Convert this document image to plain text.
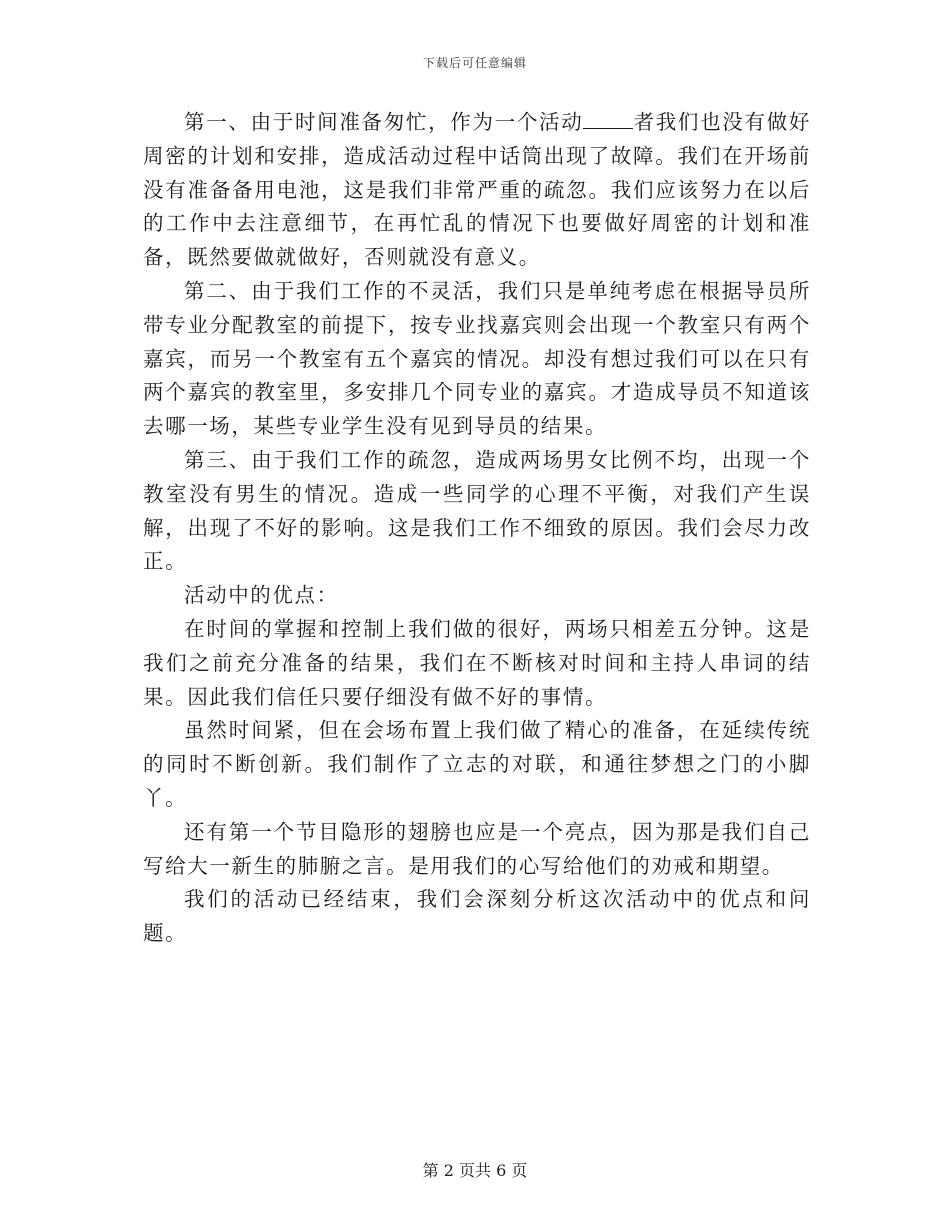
下载后可任意编辑

第一、由于时间准备匆忙，作为一个活动 者我们也没有做好周密的计划和安排，造成活动过程中话筒出现了故障。我们在开场前没有准备备用电池，这是我们非常严重的疏忽。我们应该努力在以后的工作中去注意细节，在再忙乱的情况下也要做好周密的计划和准备，既然要做就做好，否则就没有意义。

第二、由于我们工作的不灵活，我们只是单纯考虑在根据导员所带专业分配教室的前提下，按专业找嘉宾则会出现一个教室只有两个嘉宾，而另一个教室有五个嘉宾的情况。却没有想过我们可以在只有两个嘉宾的教室里，多安排几个同专业的嘉宾。才造成导员不知道该去哪一场，某些专业学生没有见到导员的结果。

第三、由于我们工作的疏忽，造成两场男女比例不均，出现一个教室没有男生的情况。造成一些同学的心理不平衡，对我们产生误解，出现了不好的影响。这是我们工作不细致的原因。我们会尽力改正。

活动中的优点：

在时间的掌握和控制上我们做的很好，两场只相差五分钟。这是我们之前充分准备的结果，我们在不断核对时间和主持人串词的结果。因此我们信任只要仔细没有做不好的事情。

虽然时间紧，但在会场布置上我们做了精心的准备，在延续传统的同时不断创新。我们制作了立志的对联，和通往梦想之门的小脚丫。

还有第一个节目隐形的翅膀也应是一个亮点，因为那是我们自己写给大一新生的肺腑之言。是用我们的心写给他们的劝戒和期望。

我们的活动已经结束，我们会深刻分析这次活动中的优点和问题。

第 2 页共 6 页
